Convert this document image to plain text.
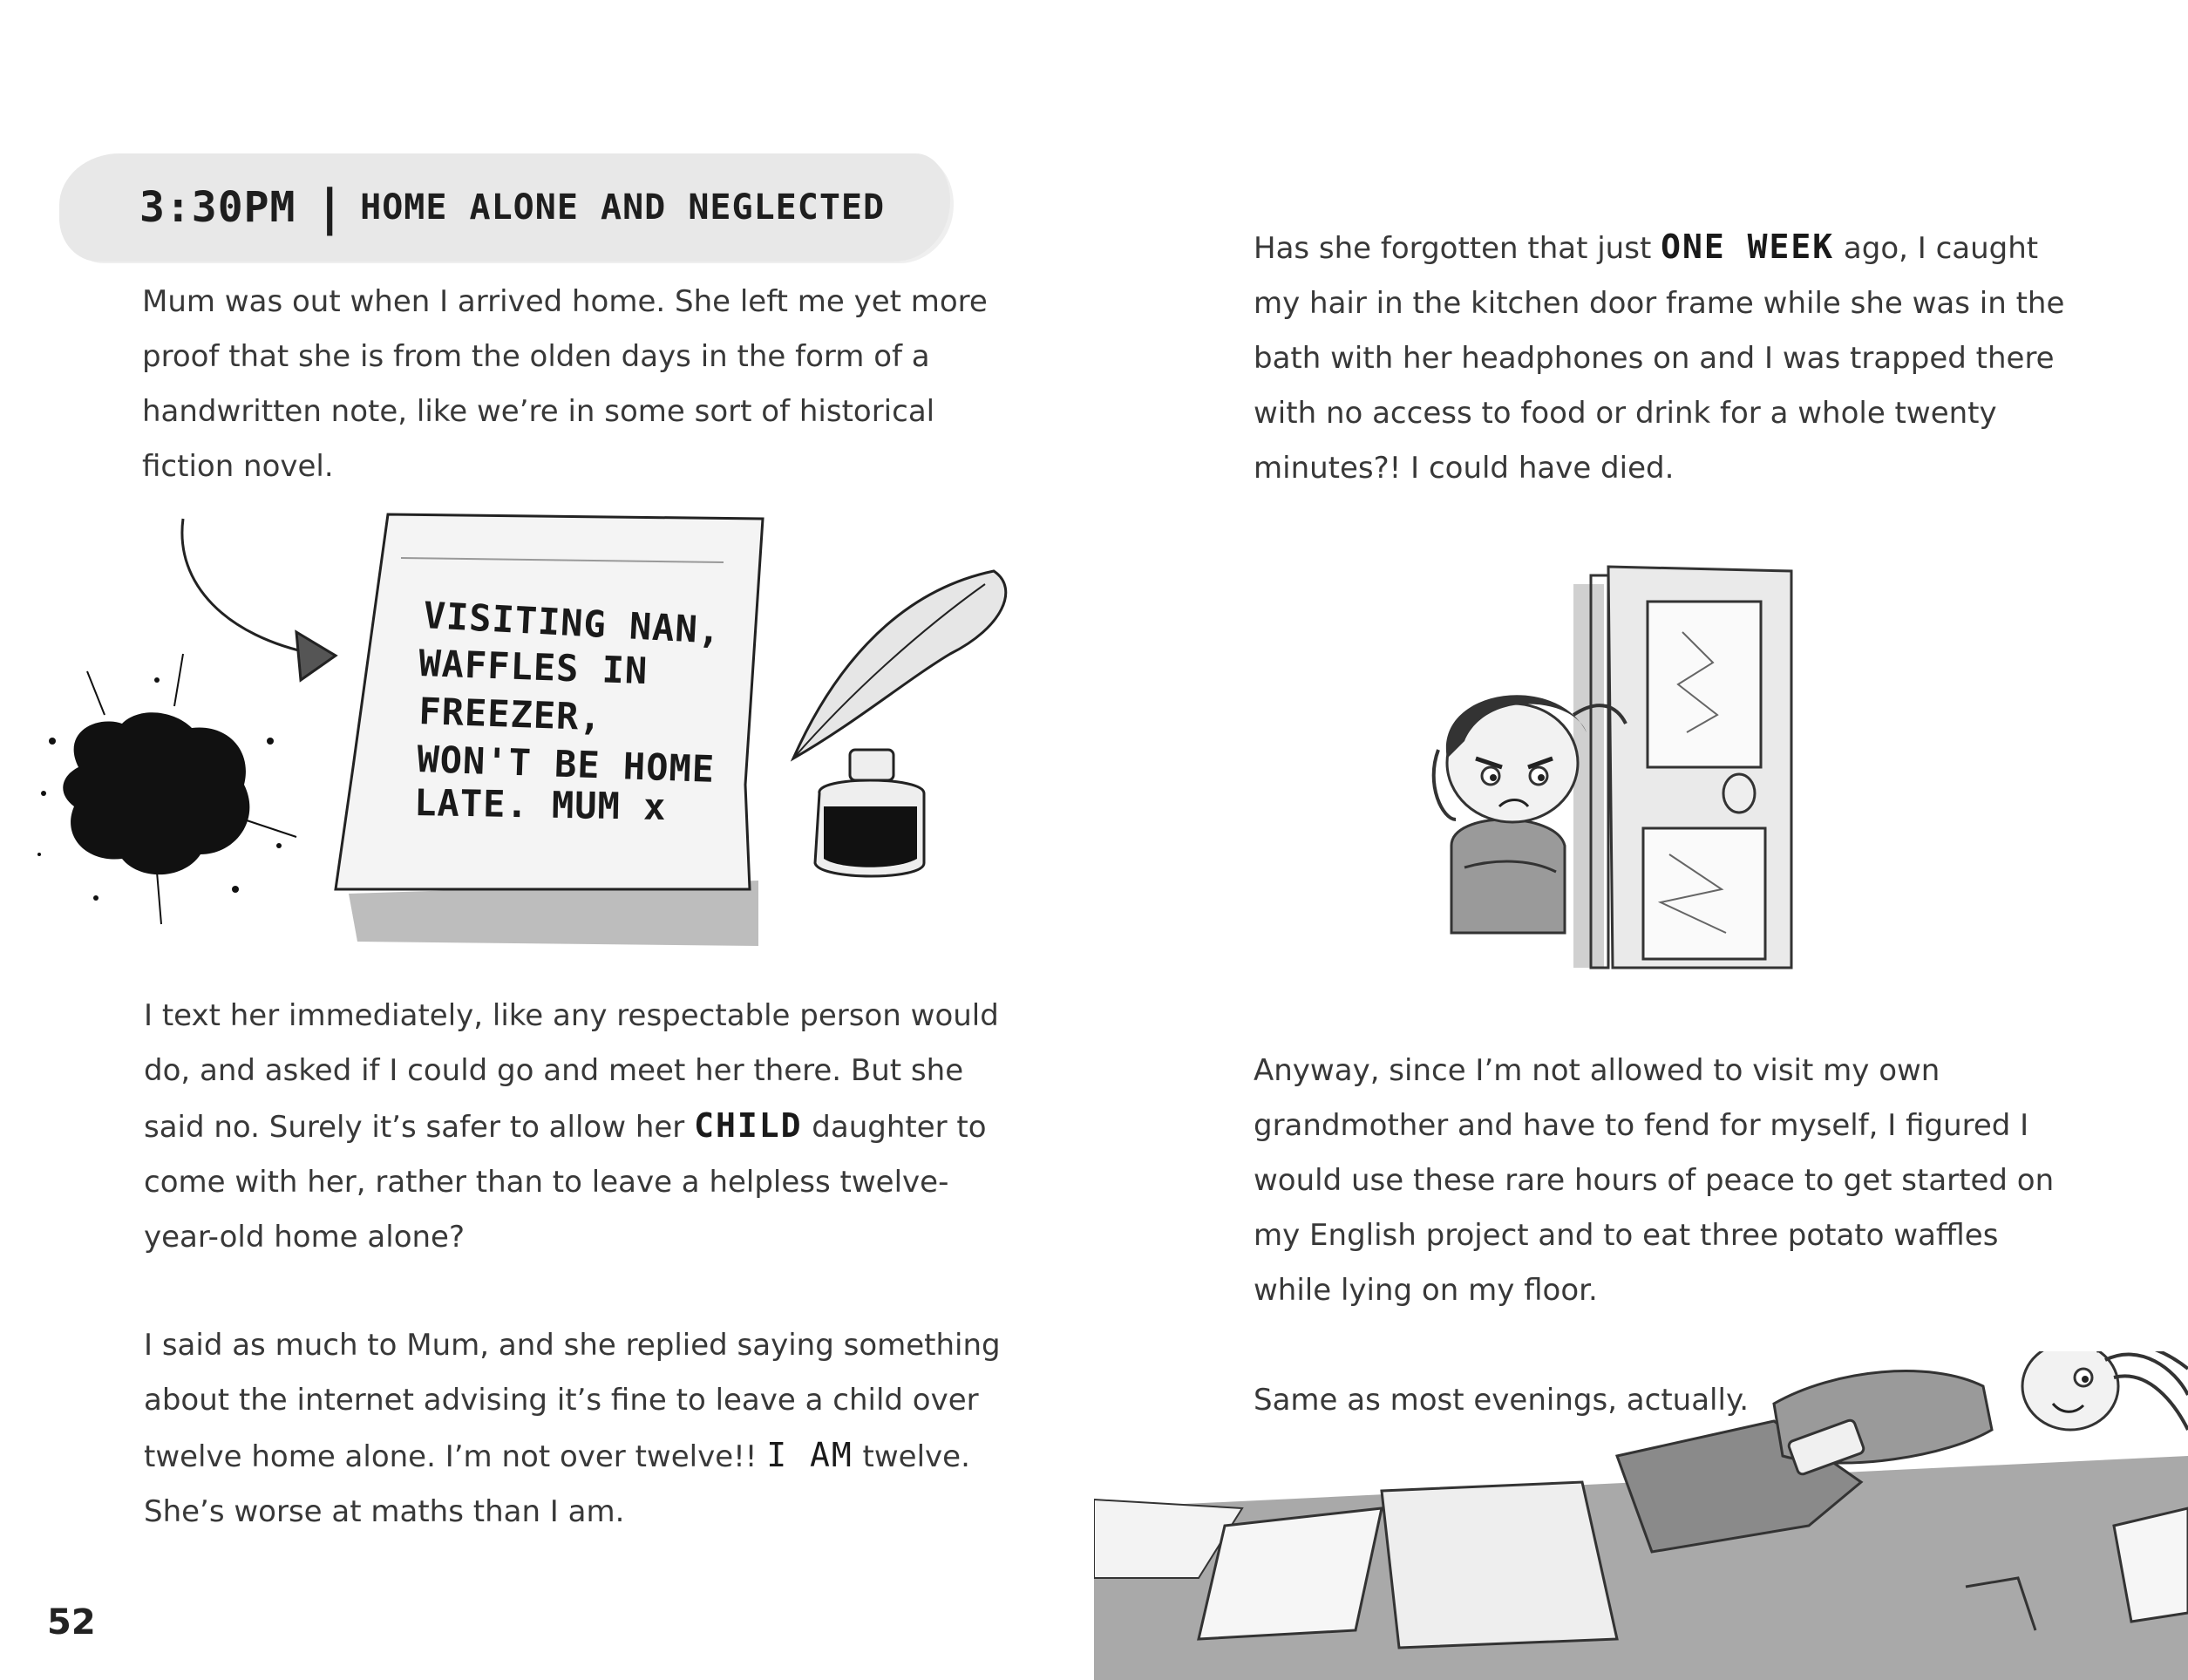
3:30PM | HOME ALONE AND NEGLECTED

Mum was out when I arrived home. She left me yet more
proof that she is from the olden days in the form of a
handwritten note, like we’re in some sort of historical
fiction novel.

VISITING NAN,
WAFFLES IN
FREEZER,
WON'T BE HOME
LATE. MUM x

I text her immediately, like any respectable person would
do, and asked if I could go and meet her there. But she
said no. Surely it’s safer to allow her CHILD daughter to
come with her, rather than to leave a helpless twelve-
year-old home alone?

I said as much to Mum, and she replied saying something
about the internet advising it’s fine to leave a child over
twelve home alone. I’m not over twelve!! I AM twelve.
She’s worse at maths than I am.

52

Has she forgotten that just ONE WEEK ago, I caught
my hair in the kitchen door frame while she was in the
bath with her headphones on and I was trapped there
with no access to food or drink for a whole twenty
minutes?! I could have died.

Anyway, since I’m not allowed to visit my own
grandmother and have to fend for myself, I figured I
would use these rare hours of peace to get started on
my English project and to eat three potato waffles
while lying on my floor.

Same as most evenings, actually.
